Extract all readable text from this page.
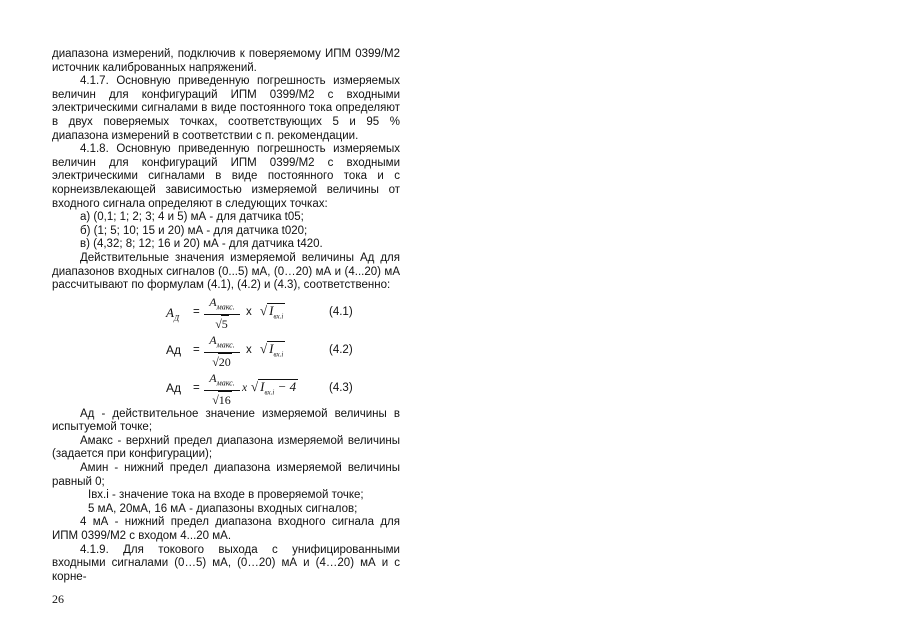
диапазона измерений, подключив к поверяемому ИПМ 0399/М2 источник калиброванных напряжений.

4.1.7. Основную приведенную погрешность измеряемых величин для конфигураций ИПМ 0399/М2 с входными электрическими сигналами в виде постоянного тока определяют в двух поверяемых точках, соответствующих 5 и 95 % диапазона измерений в соответствии с п. рекомендации.

4.1.8. Основную приведенную погрешность измеряемых величин для конфигураций ИПМ 0399/М2 с входными электрическими сигналами в виде постоянного тока и с корнеизвлекающей зависимостью измеряемой величины от входного сигнала определяют в следующих точках:

а) (0,1; 1; 2; 3; 4 и 5) мА - для датчика t05;

б) (1; 5; 10; 15 и 20) мА - для датчика t020;

в) (4,32; 8; 12; 16 и 20) мА - для датчика t420.

Действительные значения измеряемой величины Ад для диапазонов входных сигналов (0...5) мА, (0…20) мА и (4...20) мА рассчитывают по формулам (4.1), (4.2) и (4.3), соответственно:

$А_Д$
=
$А_{макс.}$
√5
x √ $I_{вх.i}$	(4.1)
Ад =
$А_{макс.}$
√20
x √ $I_{вх.i}$	(4.2)
Ад =
$А_{макс.}$
√16
x √ $I_{вх.i} - 4$	(4.3)

Ад - действительное значение измеряемой величины в испытуемой точке;

Амакс - верхний предел диапазона измеряемой величины (задается при конфигурации);

Амин - нижний предел диапазона измеряемой величины равный 0;

Iвх.i - значение тока на входе в проверяемой точке;

5 мА, 20мА, 16 мА - диапазоны входных сигналов;

4 мА - нижний предел диапазона входного сигнала для ИПМ 0399/М2 с входом 4...20 мА.

4.1.9. Для токового выхода с унифицированными входными сигналами (0…5) мА, (0…20) мА и (4…20) мА и с корне-

26
